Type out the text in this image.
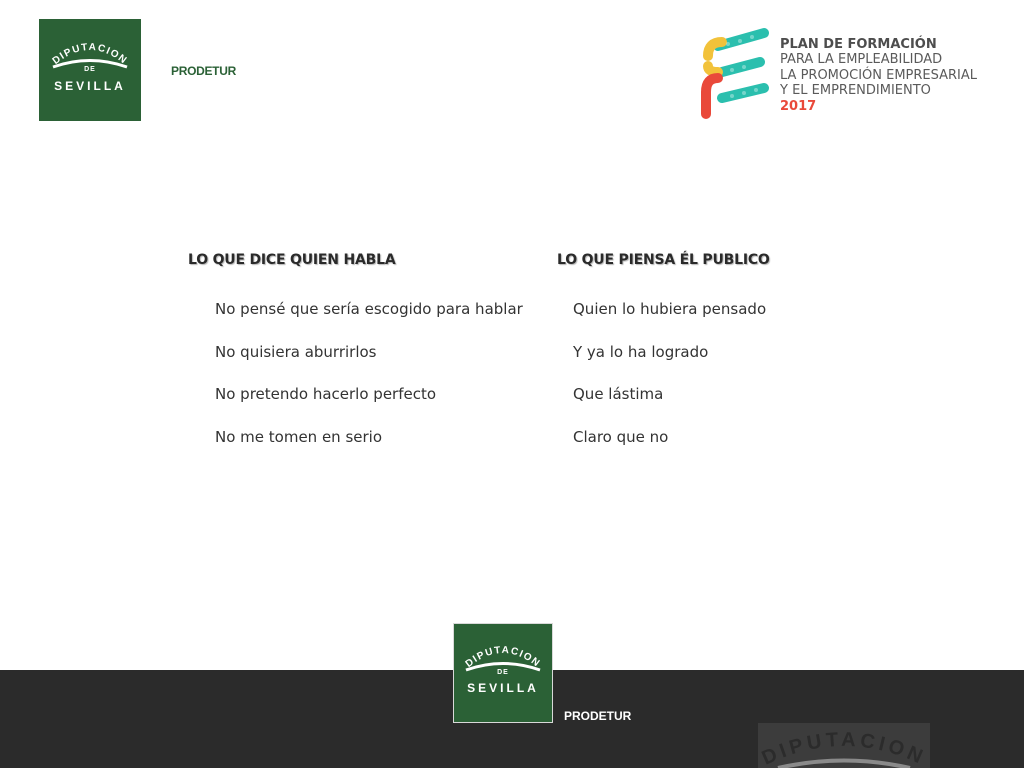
DIPUTACION
DE
SEVILLA
PRODETUR
PLAN DE FORMACIÓN
PARA LA EMPLEABILIDAD
LA PROMOCIÓN EMPRESARIAL
Y EL EMPRENDIMIENTO
2017
LO QUE DICE QUIEN HABLA	LO QUE PIENSA ÉL PUBLICO
No pensé que sería escogido para hablar	Quien lo hubiera pensado
No quisiera aburrirlos	Y ya lo ha logrado
No pretendo hacerlo perfecto	Que lástima
No me tomen en serio	Claro que no
DIPUTACION
DE
SEVILLA
PRODETUR
DIPUTACION
